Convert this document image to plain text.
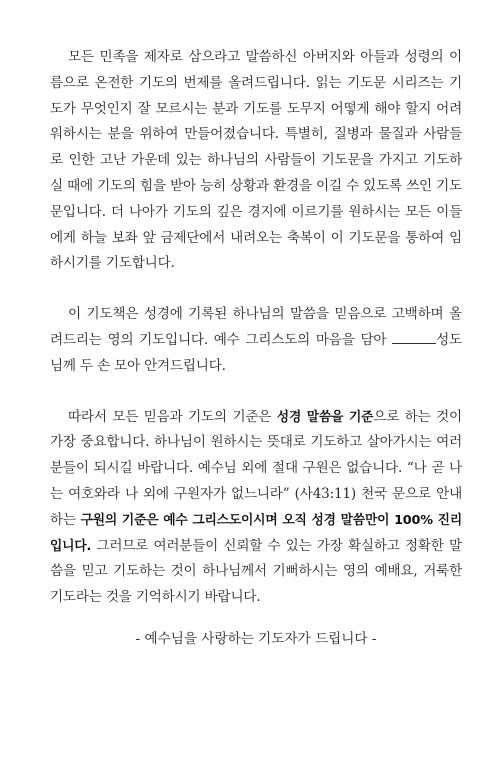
모든 민족을 제자로 삼으라고 말씀하신 아버지와 아들과 성령의 이름으로 온전한 기도의 번제를 올려드립니다. 읽는 기도문 시리즈는 기도가 무엇인지 잘 모르시는 분과 기도를 도무지 어떻게 해야 할지 어려워하시는 분을 위하여 만들어졌습니다. 특별히, 질병과 물질과 사람들로 인한 고난 가운데 있는 하나님의 사람들이 기도문을 가지고 기도하실 때에 기도의 힘을 받아 능히 상황과 환경을 이길 수 있도록 쓰인 기도문입니다. 더 나아가 기도의 깊은 경지에 이르기를 원하시는 모든 이들에게 하늘 보좌 앞 금제단에서 내려오는 축복이 이 기도문을 통하여 임하시기를 기도합니다.

이 기도책은 성경에 기록된 하나님의 말씀을 믿음으로 고백하며 올려드리는 영의 기도입니다. 예수 그리스도의 마음을 담아	성도님께 두 손 모아 안겨드립니다.

따라서 모든 믿음과 기도의 기준은 성경 말씀을 기준으로 하는 것이 가장 중요합니다. 하나님이 원하시는 뜻대로 기도하고 살아가시는 여러분들이 되시길 바랍니다. 예수님 외에 절대 구원은 없습니다. “나 곧 나는 여호와라 나 외에 구원자가 없느니라” (사43:11) 천국 문으로 안내하는 구원의 기준은 예수 그리스도이시며 오직 성경 말씀만이 100% 진리입니다. 그러므로 여러분들이 신뢰할 수 있는 가장 확실하고 정확한 말씀을 믿고 기도하는 것이 하나님께서 기뻐하시는 영의 예배요, 거룩한 기도라는 것을 기억하시기 바랍니다.

- 예수님을 사랑하는 기도자가 드립니다 -
